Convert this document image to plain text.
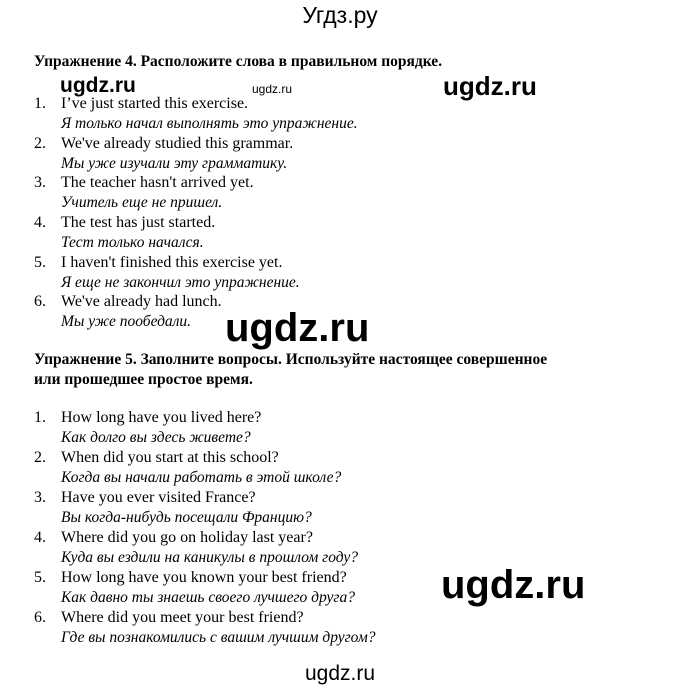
Угдз.ру
Упражнение 4. Расположите слова в правильном порядке.
ugdz.ru	ugdz.ru	ugdz.ru
1. I’ve just started this exercise.
Я только начал выполнять это упражнение.
2. We've already studied this grammar.
Мы уже изучали эту грамматику.
3. The teacher hasn't arrived yet.
Учитель еще не пришел.
4. The test has just started.
Тест только начался.
5. I haven't finished this exercise yet.
Я еще не закончил это упражнение.
6. We've already had lunch.
Мы уже пообедали. ugdz.ru
Упражнение 5. Заполните вопросы. Используйте настоящее совершенное
или прошедшее простое время.
1. How long have you lived here?
Как долго вы здесь живете?
2. When did you start at this school?
Когда вы начали работать в этой школе?
3. Have you ever visited France?
Вы когда-нибудь посещали Францию?
4. Where did you go on holiday last year?
Куда вы ездили на каникулы в прошлом году?
5. How long have you known your best friend?
Как давно ты знаешь своего лучшего друга?
6. Where did you meet your best friend?
Где вы познакомились с вашим лучшим другом?
ugdz.ru
ugdz.ru
